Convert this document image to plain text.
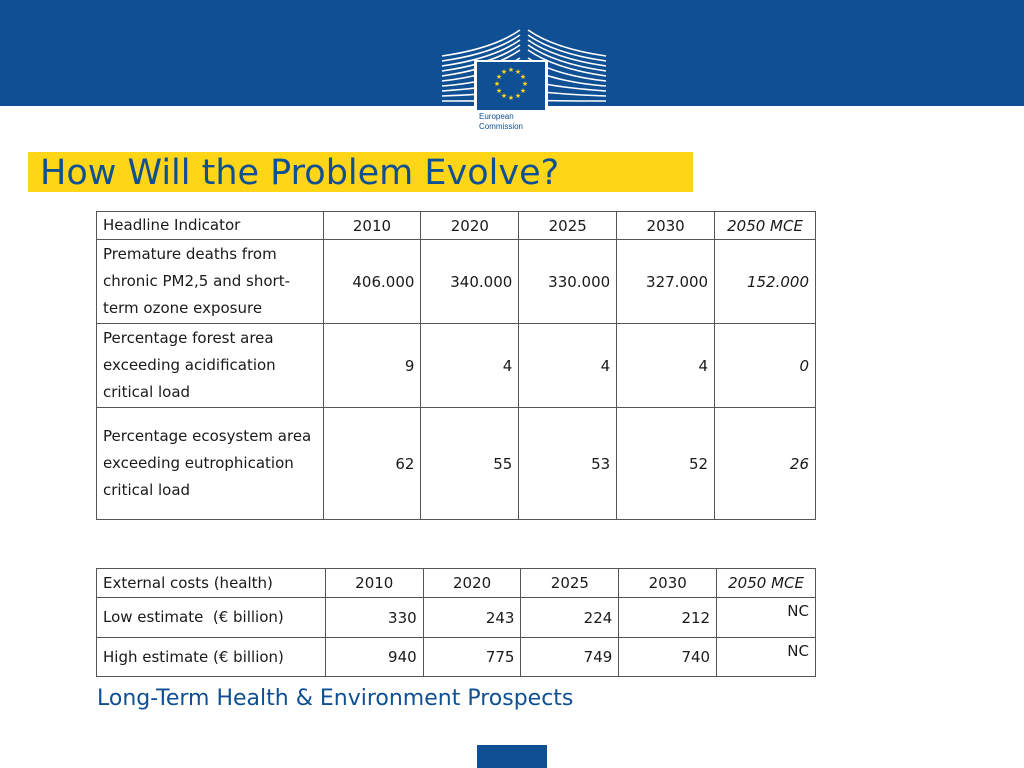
★ ★
★
★
★
★
★
★
★
★
★
★
European
Commission
How Will the Problem Evolve?
Headline Indicator	2010	2020	2025	2030	2050 MCE
Premature deaths from chronic PM2,5 and short-term ozone exposure	406.000	340.000	330.000	327.000	152.000
Percentage forest area exceeding acidification critical load	9	4	4	4	0
Percentage ecosystem area exceeding eutrophication critical load	62	55	53	52	26
External costs (health)	2010	2020	2025	2030	2050 MCE
Low estimate  (€ billion)	330	243	224	212	NC
High estimate (€ billion)	940	775	749	740	NC
Long-Term Health & Environment Prospects
